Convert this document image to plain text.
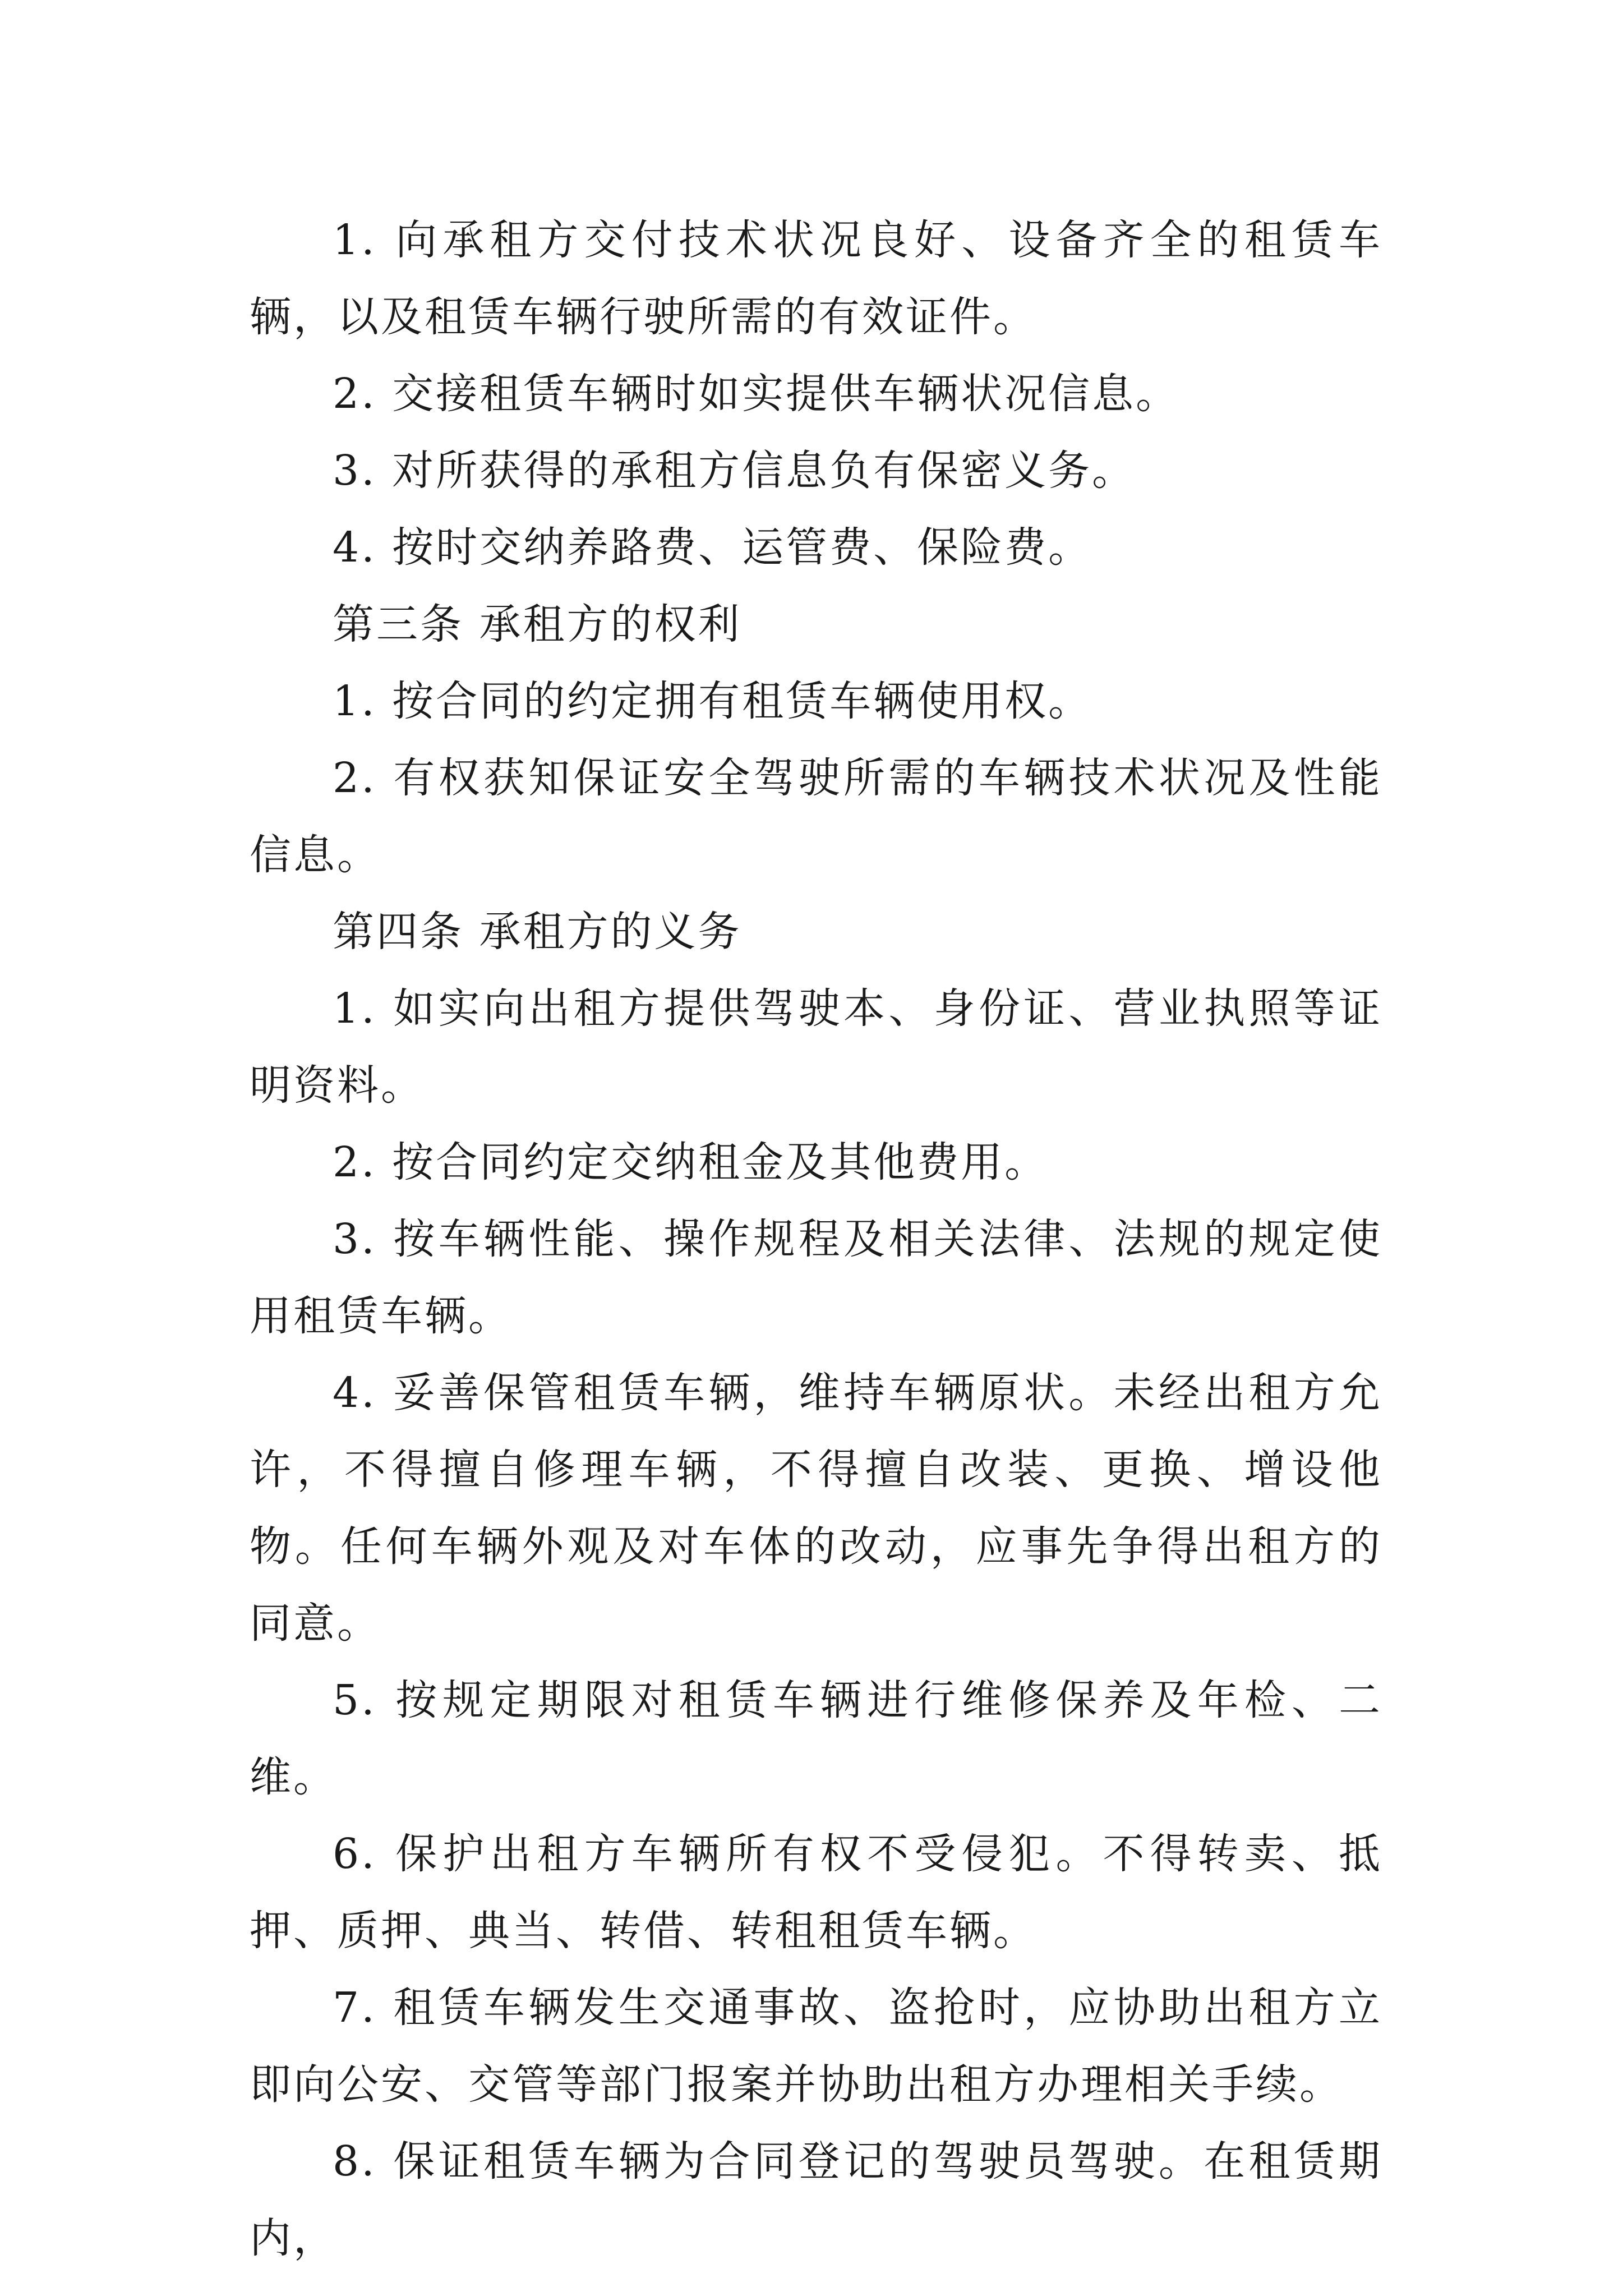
1. 向承租方交付技术状况良好、设备齐全的租赁车辆，以及租赁车辆行驶所需的有效证件。

2. 交接租赁车辆时如实提供车辆状况信息。

3. 对所获得的承租方信息负有保密义务。

4. 按时交纳养路费、运管费、保险费。

第三条 承租方的权利

1. 按合同的约定拥有租赁车辆使用权。

2. 有权获知保证安全驾驶所需的车辆技术状况及性能信息。

第四条 承租方的义务

1. 如实向出租方提供驾驶本、身份证、营业执照等证明资料。

2. 按合同约定交纳租金及其他费用。

3. 按车辆性能、操作规程及相关法律、法规的规定使用租赁车辆。

4. 妥善保管租赁车辆，维持车辆原状。未经出租方允许，不得擅自修理车辆，不得擅自改装、更换、增设他物。任何车辆外观及对车体的改动，应事先争得出租方的同意。

5. 按规定期限对租赁车辆进行维修保养及年检、二维。

6. 保护出租方车辆所有权不受侵犯。不得转卖、抵押、质押、典当、转借、转租租赁车辆。

7. 租赁车辆发生交通事故、盗抢时，应协助出租方立即向公安、交管等部门报案并协助出租方办理相关手续。

8. 保证租赁车辆为合同登记的驾驶员驾驶。在租赁期内，
